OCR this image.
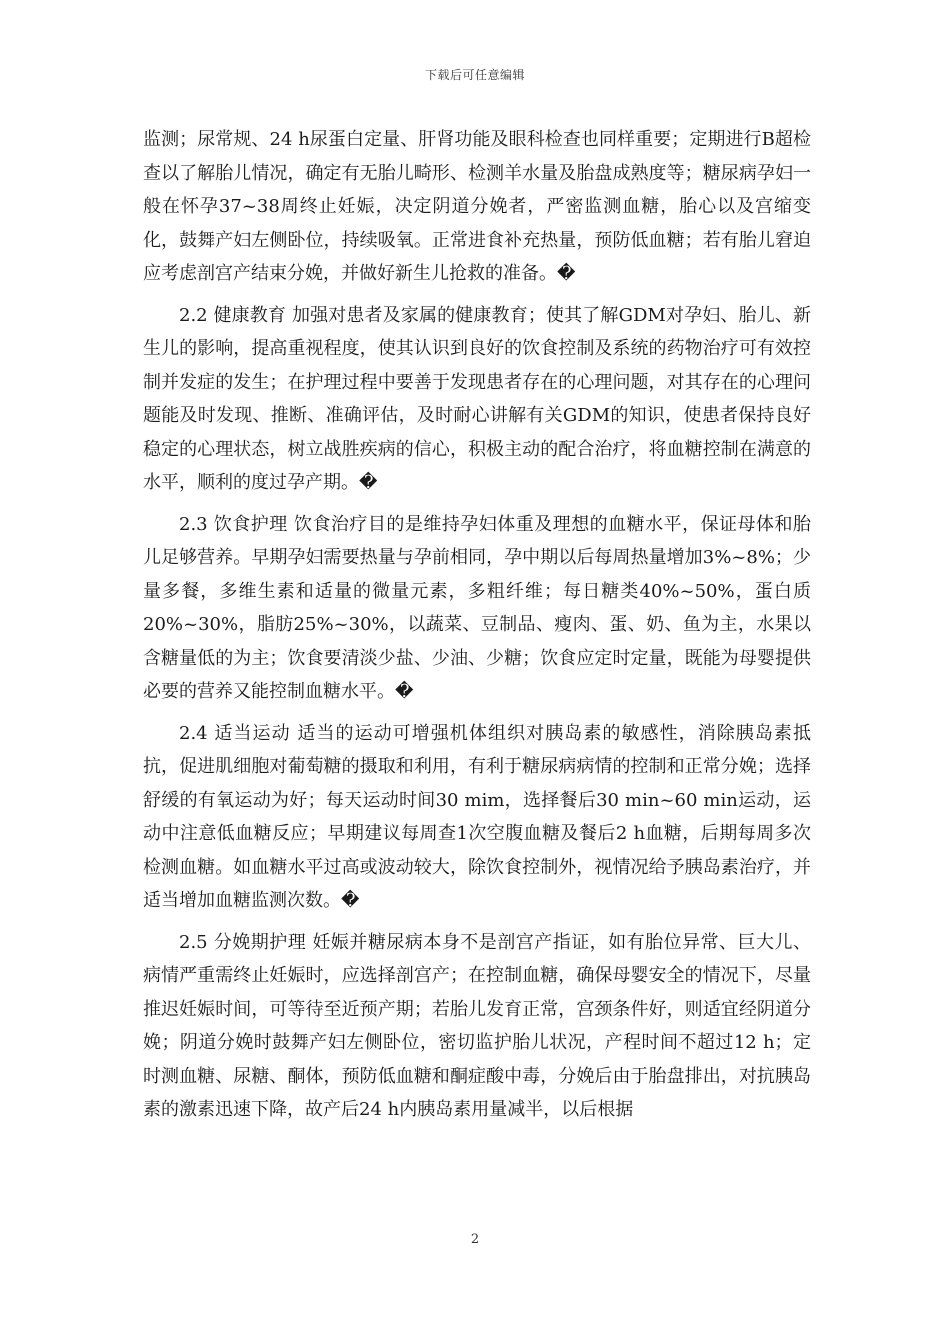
下载后可任意编辑

监测；尿常规、24 h尿蛋白定量、肝肾功能及眼科检查也同样重要；定期进行B超检查以了解胎儿情况，确定有无胎儿畸形、检测羊水量及胎盘成熟度等；糖尿病孕妇一般在怀孕37~38周终止妊娠，决定阴道分娩者，严密监测血糖，胎心以及宫缩变化，鼓舞产妇左侧卧位，持续吸氧。正常进食补充热量，预防低血糖；若有胎儿窘迫应考虑剖宫产结束分娩，并做好新生儿抢救的准备。�

2.2 健康教育 加强对患者及家属的健康教育；使其了解GDM对孕妇、胎儿、新生儿的影响，提高重视程度，使其认识到良好的饮食控制及系统的药物治疗可有效控制并发症的发生；在护理过程中要善于发现患者存在的心理问题，对其存在的心理问题能及时发现、推断、准确评估，及时耐心讲解有关GDM的知识，使患者保持良好稳定的心理状态，树立战胜疾病的信心，积极主动的配合治疗，将血糖控制在满意的水平，顺利的度过孕产期。�

2.3 饮食护理 饮食治疗目的是维持孕妇体重及理想的血糖水平，保证母体和胎儿足够营养。早期孕妇需要热量与孕前相同，孕中期以后每周热量增加3%~8%；少量多餐，多维生素和适量的微量元素，多粗纤维；每日糖类40%~50%，蛋白质20%~30%，脂肪25%~30%，以蔬菜、豆制品、瘦肉、蛋、奶、鱼为主，水果以含糖量低的为主；饮食要清淡少盐、少油、少糖；饮食应定时定量，既能为母婴提供必要的营养又能控制血糖水平。�

2.4 适当运动 适当的运动可增强机体组织对胰岛素的敏感性，消除胰岛素抵抗，促进肌细胞对葡萄糖的摄取和利用，有利于糖尿病病情的控制和正常分娩；选择舒缓的有氧运动为好；每天运动时间30 mim，选择餐后30 min~60 min运动，运动中注意低血糖反应；早期建议每周查1次空腹血糖及餐后2 h血糖，后期每周多次检测血糖。如血糖水平过高或波动较大，除饮食控制外，视情况给予胰岛素治疗，并适当增加血糖监测次数。�

2.5 分娩期护理 妊娠并糖尿病本身不是剖宫产指证，如有胎位异常、巨大儿、病情严重需终止妊娠时，应选择剖宫产；在控制血糖，确保母婴安全的情况下，尽量推迟妊娠时间，可等待至近预产期；若胎儿发育正常，宫颈条件好，则适宜经阴道分娩；阴道分娩时鼓舞产妇左侧卧位，密切监护胎儿状况，产程时间不超过12 h；定时测血糖、尿糖、酮体，预防低血糖和酮症酸中毒，分娩后由于胎盘排出，对抗胰岛素的激素迅速下降，故产后24 h内胰岛素用量减半，以后根据

2
